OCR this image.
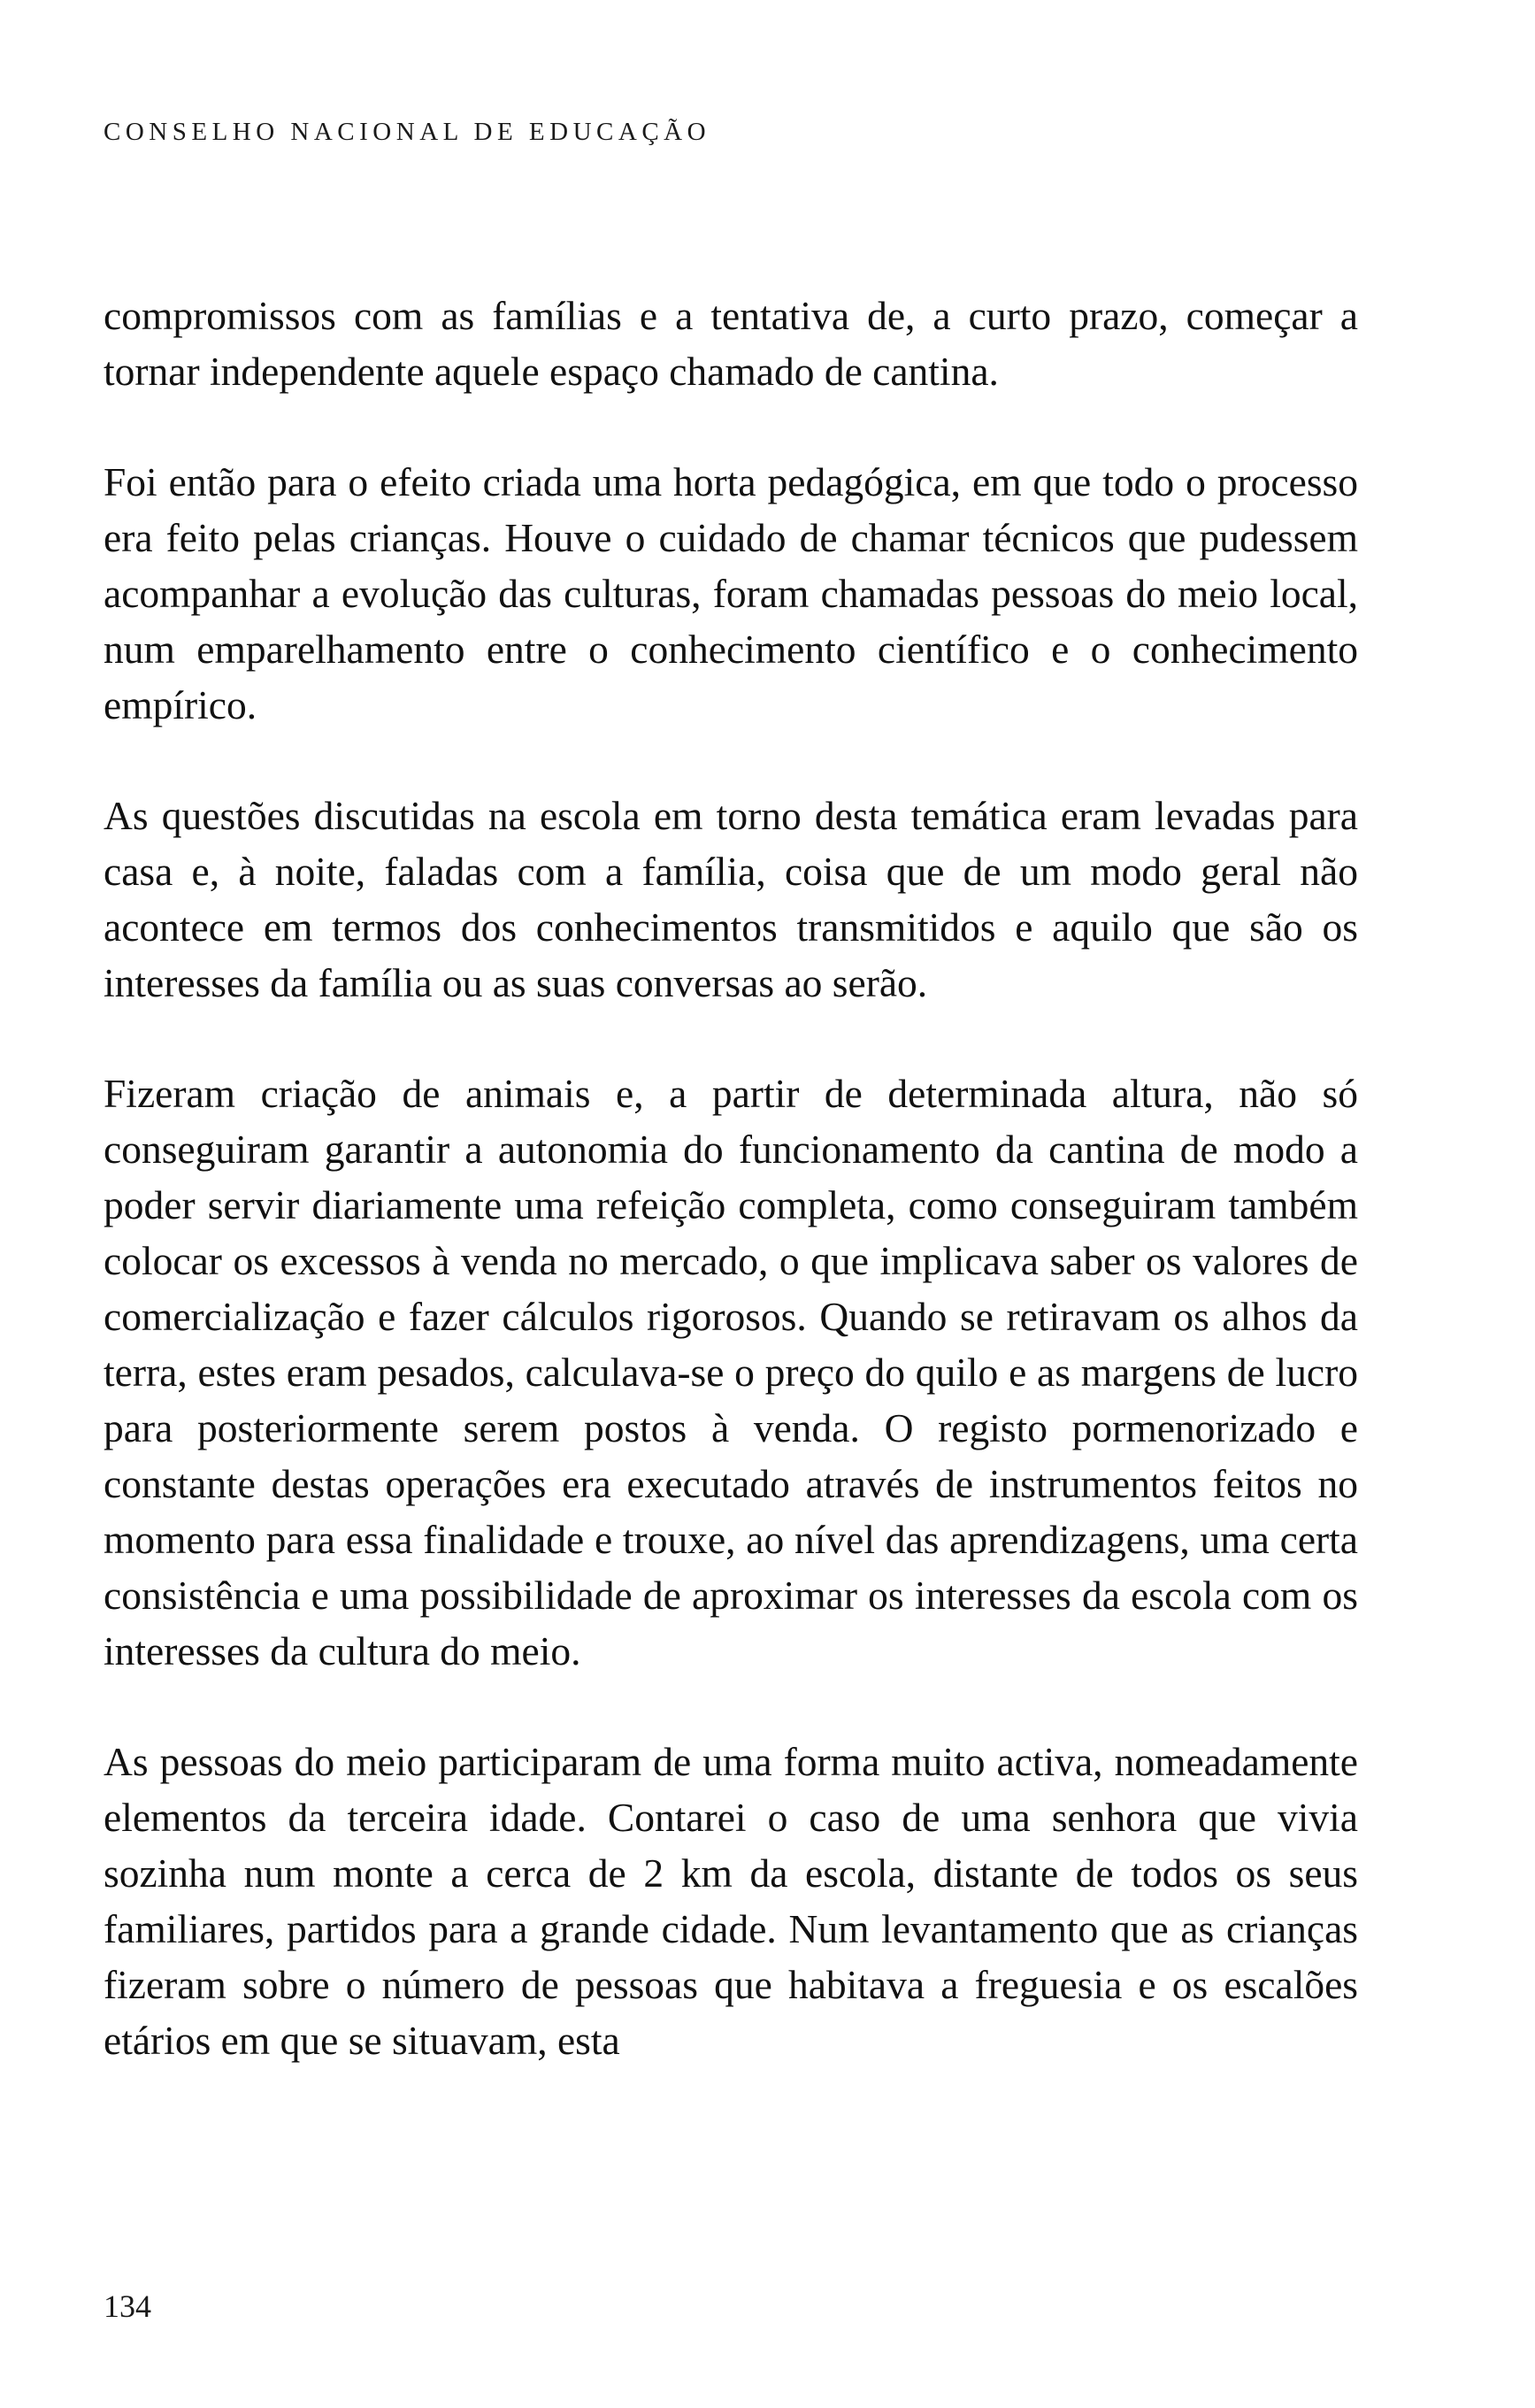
CONSELHO NACIONAL DE EDUCAÇÃO

compromissos com as famílias e a tentativa de, a curto prazo, começar a tornar independente aquele espaço chamado de cantina.

Foi então para o efeito criada uma horta pedagógica, em que todo o processo era feito pelas crianças. Houve o cuidado de chamar técnicos que pudessem acompanhar a evolução das culturas, foram chamadas pessoas do meio local, num emparelhamento entre o conhecimento científico e o conhecimento empírico.

As questões discutidas na escola em torno desta temática eram levadas para casa e, à noite, faladas com a família, coisa que de um modo geral não acontece em termos dos conhecimentos transmitidos e aquilo que são os interesses da família ou as suas conversas ao serão.

Fizeram criação de animais e, a partir de determinada altura, não só conseguiram garantir a autonomia do funcionamento da cantina de modo a poder servir diariamente uma refeição completa, como conseguiram também colocar os excessos à venda no mercado, o que implicava saber os valores de comercialização e fazer cálculos rigorosos. Quando se retiravam os alhos da terra, estes eram pesados, calculava-se o preço do quilo e as margens de lucro para posteriormente serem postos à venda. O registo pormenorizado e constante destas operações era executado através de instrumentos feitos no momento para essa finalidade e trouxe, ao nível das aprendizagens, uma certa consistência e uma possibilidade de aproximar os interesses da escola com os interesses da cultura do meio.

As pessoas do meio participaram de uma forma muito activa, nomeadamente elementos da terceira idade. Contarei o caso de uma senhora que vivia sozinha num monte a cerca de 2 km da escola, distante de todos os seus familiares, partidos para a grande cidade. Num levantamento que as crianças fizeram sobre o número de pessoas que habitava a freguesia e os escalões etários em que se situavam, esta

134
